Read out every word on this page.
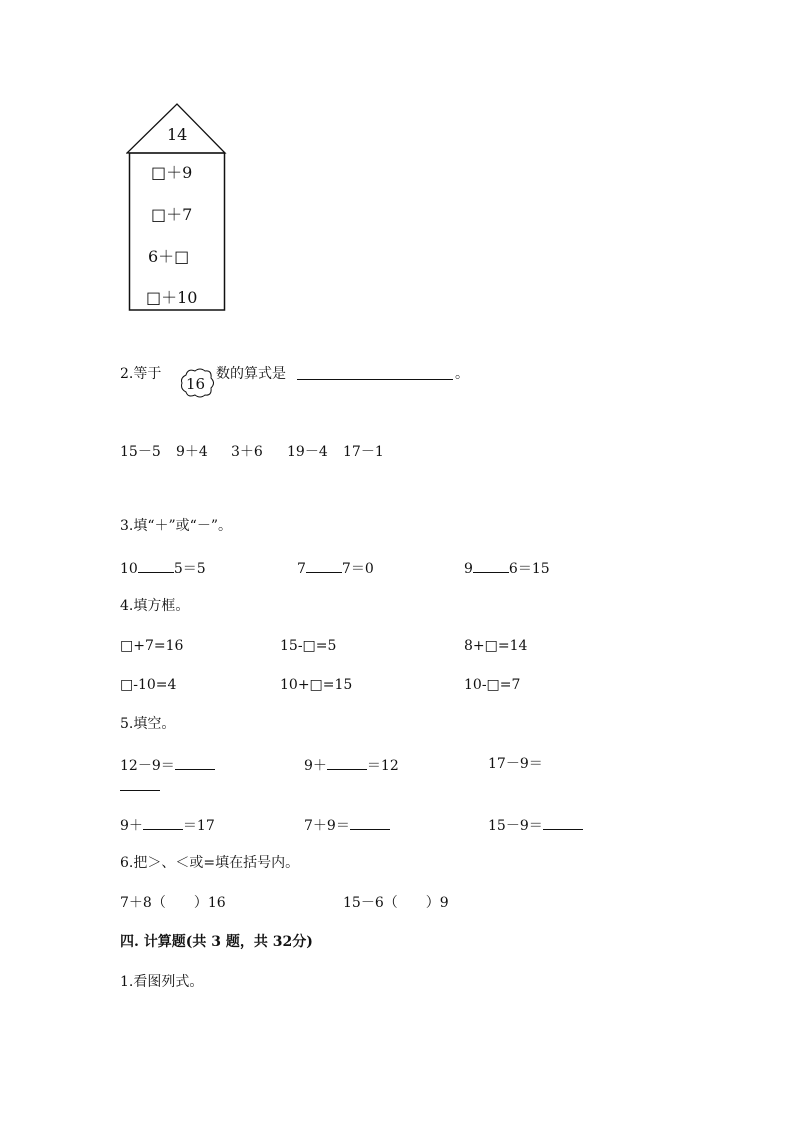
14
□＋9
□＋7
6＋□
□＋10
2.等于
16
数的算式是	。
15－5 9＋4 3＋6 19－4 17－1
3.填“＋”或“－”。
10	5＝5	7	7＝0	9	6＝15
4.填方框。
□+7=16	15-□=5	8+□=14
□-10=4	10+□=15	10-□=7
5.填空。
12－9＝	9＋	＝12	17－9＝
9＋	＝17	7＋9＝	15－9＝
6.把＞、＜或=填在括号内。
7＋8（　　）16	15－6（　　）9
四. 计算题(共 3 题，共 32分)
1.看图列式。
